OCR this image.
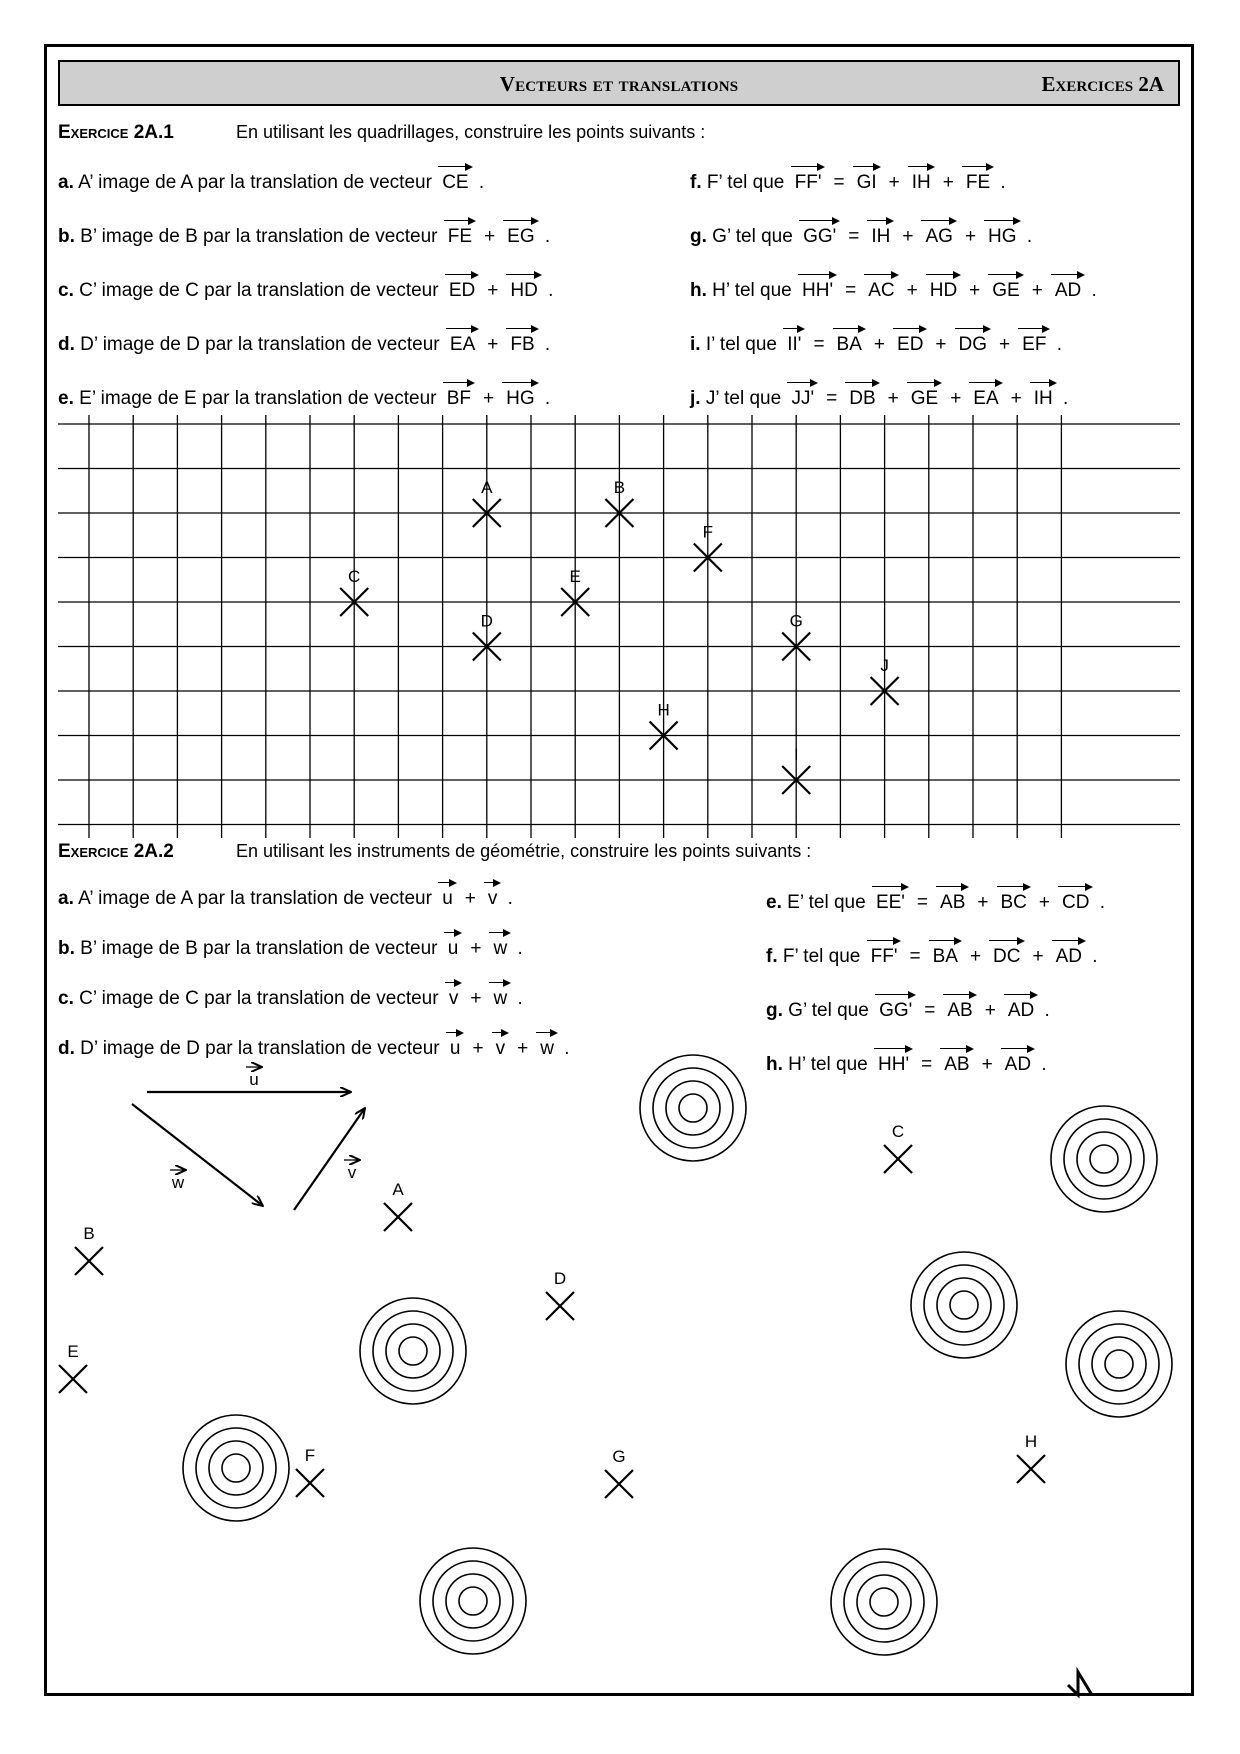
Vecteurs et translations	Exercices 2A
Exercice 2A.1	En utilisant les quadrillages, construire les points suivants :
a. A’ image de A par la translation de vecteur CE .
b. B’ image de B par la translation de vecteur FE + EG .
c. C’ image de C par la translation de vecteur ED + HD .
d. D’ image de D par la translation de vecteur EA + FB .
e. E’ image de E par la translation de vecteur BF + HG .
f. F’ tel que FF' = GI + IH + FE .
g. G’ tel que GG' = IH + AG + HG .
h. H’ tel que HH' = AC + HD + GE + AD .
i. I’ tel que II' = BA + ED + DG + EF .
j. J’ tel que JJ' = DB + GE + EA + IH .
A	B
F
C	E
D	G
J
H
I
Exercice 2A.2	En utilisant les instruments de géométrie, construire les points suivants :
a. A’ image de A par la translation de vecteur u + v .
b. B’ image de B par la translation de vecteur u + w .
c. C’ image de C par la translation de vecteur v + w .
d. D’ image de D par la translation de vecteur u + v + w .
e. E’ tel que EE' = AB + BC + CD .
f. F’ tel que FF' = BA + DC + AD .
g. G’ tel que GG' = AB + AD .
h. H’ tel que HH' = AB + AD .
u
v
w	A
B
C
D
E
F	G
H
